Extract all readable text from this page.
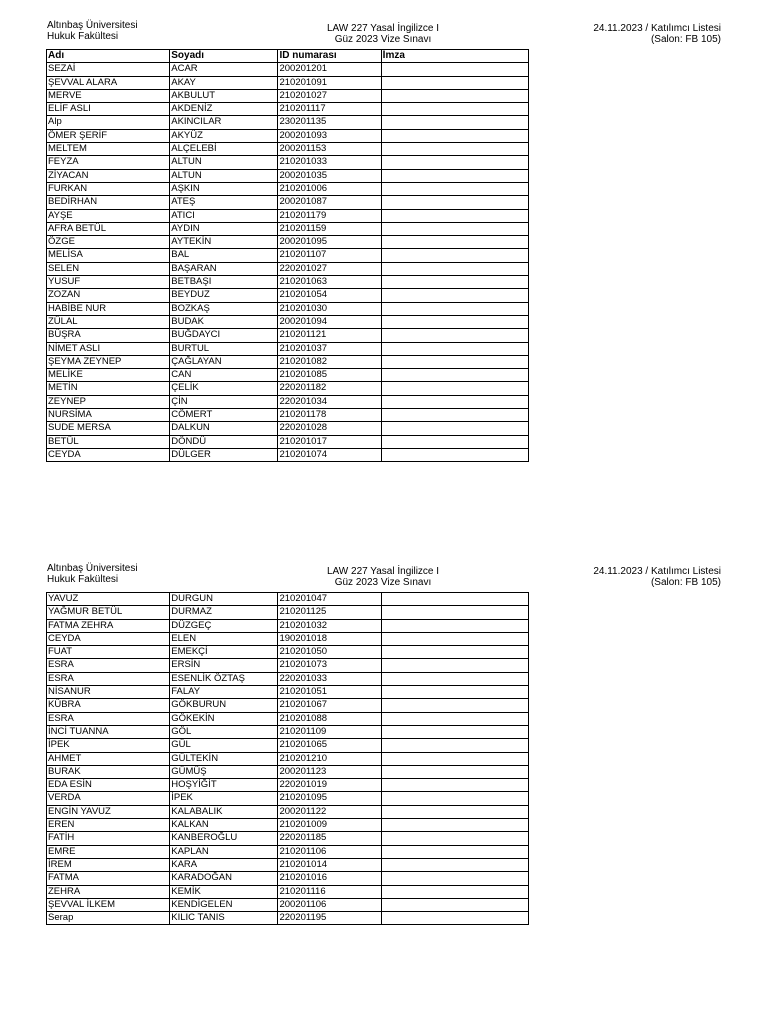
Altınbaş Üniversitesi
Hukuk Fakültesi
LAW 227 Yasal İngilizce I
Güz 2023 Vize Sınavı
24.11.2023 / Katılımcı Listesi
(Salon: FB 105)
Adı	Soyadı	ID numarası	İmza
SEZAİ	ACAR	200201201	
ŞEVVAL ALARA	AKAY	210201091	
MERVE	AKBULUT	210201027	
ELİF ASLI	AKDENİZ	210201117	
Alp	AKINCILAR	230201135	
ÖMER ŞERİF	AKYÜZ	200201093	
MELTEM	ALÇELEBİ	200201153	
FEYZA	ALTUN	210201033	
ZİYACAN	ALTUN	200201035	
FURKAN	AŞKIN	210201006	
BEDİRHAN	ATEŞ	200201087	
AYŞE	ATICI	210201179	
AFRA BETÜL	AYDIN	210201159	
ÖZGE	AYTEKİN	200201095	
MELİSA	BAL	210201107	
SELEN	BAŞARAN	220201027	
YUSUF	BETBAŞI	210201063	
ZOZAN	BEYDUZ	210201054	
HABİBE NUR	BOZKAŞ	210201030	
ZÜLAL	BUDAK	200201094	
BÜŞRA	BUĞDAYCI	210201121	
NİMET ASLI	BURTUL	210201037	
ŞEYMA ZEYNEP	ÇAĞLAYAN	210201082	
MELİKE	CAN	210201085	
METİN	ÇELİK	220201182	
ZEYNEP	ÇİN	220201034	
NURSİMA	CÖMERT	210201178	
SUDE MERSA	DALKUN	220201028	
BETÜL	DÖNDÜ	210201017	
CEYDA	DÜLGER	210201074	
Altınbaş Üniversitesi
Hukuk Fakültesi
LAW 227 Yasal İngilizce I
Güz 2023 Vize Sınavı
24.11.2023 / Katılımcı Listesi
(Salon: FB 105)
YAVUZ	DURGUN	210201047	
YAĞMUR BETÜL	DURMAZ	210201125	
FATMA ZEHRA	DÜZGEÇ	210201032	
CEYDA	ELEN	190201018	
FUAT	EMEKÇİ	210201050	
ESRA	ERSİN	210201073	
ESRA	ESENLİK ÖZTAŞ	220201033	
NİSANUR	FALAY	210201051	
KÜBRA	GÖKBURUN	210201067	
ESRA	GÖKEKİN	210201088	
İNCİ TUANNA	GÖL	210201109	
İPEK	GÜL	210201065	
AHMET	GÜLTEKİN	210201210	
BURAK	GÜMÜŞ	200201123	
EDA ESİN	HOŞYİĞİT	220201019	
VERDA	İPEK	210201095	
ENGİN YAVUZ	KALABALIK	200201122	
EREN	KALKAN	210201009	
FATİH	KANBEROĞLU	220201185	
EMRE	KAPLAN	210201106	
İREM	KARA	210201014	
FATMA	KARADOĞAN	210201016	
ZEHRA	KEMİK	210201116	
ŞEVVAL İLKEM	KENDİGELEN	200201106	
Serap	KILIC TANIS	220201195	
